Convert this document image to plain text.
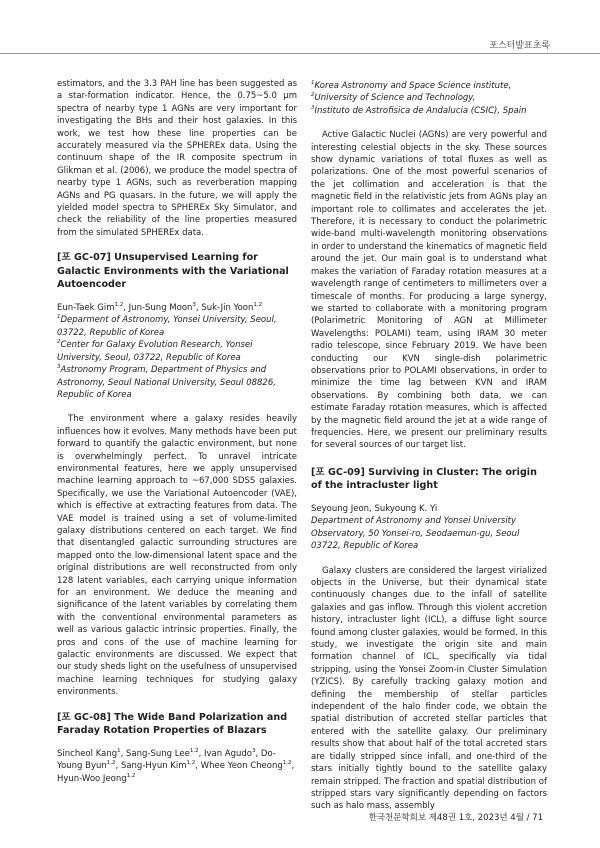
포스터발표초록

estimators, and the 3.3 PAH line has been suggested as a star-formation indicator. Hence, the 0.75~5.0 μm spectra of nearby type 1 AGNs are very important for investigating the BHs and their host galaxies. In this work, we test how these line properties can be accurately measured via the SPHEREx data. Using the continuum shape of the IR composite spectrum in Glikman et al. (2006), we produce the model spectra of nearby type 1 AGNs, such as reverberation mapping AGNs and PG quasars. In the future, we will apply the yielded model spectra to SPHEREx Sky Simulator, and check the reliability of the line properties measured from the simulated SPHEREx data.

[포 GC-07] Unsupervised Learning for Galactic Environments with the Variational Autoencoder

Eun-Taek Gim$^{1,2}$, Jun-Sung Moon$^3$, Suk-Jin Yoon$^{1,2}$

$^1$Deparment of Astronomy, Yonsei University, Seoul, 03722, Republic of Korea

$^2$Center for Galaxy Evolution Research, Yonsei University, Seoul, 03722, Republic of Korea

$^3$Astronomy Program, Department of Physics and Astronomy, Seoul National University, Seoul 08826, Republic of Korea

The environment where a galaxy resides heavily influences how it evolves. Many methods have been put forward to quantify the galactic environment, but none is overwhelmingly perfect. To unravel intricate environmental features, here we apply unsupervised machine learning approach to ~67,000 SDSS galaxies. Specifically, we use the Variational Autoencoder (VAE), which is effective at extracting features from data. The VAE model is trained using a set of volume-limited galaxy distributions centered on each target. We find that disentangled galactic surrounding structures are mapped onto the low-dimensional latent space and the original distributions are well reconstructed from only 128 latent variables, each carrying unique information for an environment. We deduce the meaning and significance of the latent variables by correlating them with the conventional environmental parameters as well as various galactic intrinsic properties. Finally, the pros and cons of the use of machine learning for galactic environments are discussed. We expect that our study sheds light on the usefulness of unsupervised machine learning techniques for studying galaxy environments.

[포 GC-08] The Wide Band Polarization and Faraday Rotation Properties of Blazars

Sincheol Kang$^1$, Sang-Sung Lee$^{1,2}$, Ivan Agudo$^3$, Do-Young Byun$^{1,2}$, Sang-Hyun Kim$^{1,2}$, Whee Yeon Cheong$^{1,2}$, Hyun-Woo Jeong$^{1,2}$

$^1$Korea Astronomy and Space Science institute,

$^2$University of Science and Technology,

$^3$Instituto de Astrofisica de Andalucia (CSIC), Spain

Active Galactic Nuclei (AGNs) are very powerful and interesting celestial objects in the sky. These sources show dynamic variations of total fluxes as well as polarizations. One of the most powerful scenarios of the jet collimation and acceleration is that the magnetic field in the relativistic jets from AGNs play an important role to collimates and accelerates the jet. Therefore, it is necessary to conduct the polarimetric wide-band multi-wavelength monitoring observations in order to understand the kinematics of magnetic field around the jet. Our main goal is to understand what makes the variation of Faraday rotation measures at a wavelength range of centimeters to millimeters over a timescale of months. For producing a large synergy, we started to collaborate with a monitoring program (Polarimetric Monitoring of AGN at Millimeter Wavelengths: POLAMI) team, using IRAM 30 meter radio telescope, since February 2019. We have been conducting our KVN single-dish polarimetric observations prior to POLAMI observations, in order to minimize the time lag between KVN and IRAM observations. By combining both data, we can estimate Faraday rotation measures, which is affected by the magnetic field around the jet at a wide range of frequencies. Here, we present our preliminary results for several sources of our target list.

[포 GC-09] Surviving in Cluster: The origin of the intracluster light

Seyoung Jeon, Sukyoung K. Yi

Department of Astronomy and Yonsei University Observatory, 50 Yonsei-ro, Seodaemun-gu, Seoul 03722, Republic of Korea

Galaxy clusters are considered the largest virialized objects in the Universe, but their dynamical state continuously changes due to the infall of satellite galaxies and gas inflow. Through this violent accretion history, intracluster light (ICL), a diffuse light source found among cluster galaxies, would be formed. In this study, we investigate the origin site and main formation channel of ICL, specifically via tidal stripping, using the Yonsei Zoom-in Cluster Simulation (YZiCS). By carefully tracking galaxy motion and defining the membership of stellar particles independent of the halo finder code, we obtain the spatial distribution of accreted stellar particles that entered with the satellite galaxy. Our preliminary results show that about half of the total accreted stars are tidally stripped since infall, and one-third of the stars initially tightly bound to the satellite galaxy remain stripped. The fraction and spatial distribution of stripped stars vary significantly depending on factors such as halo mass, assembly

한국천문학회보 제48권 1호, 2023년 4월 / 71
